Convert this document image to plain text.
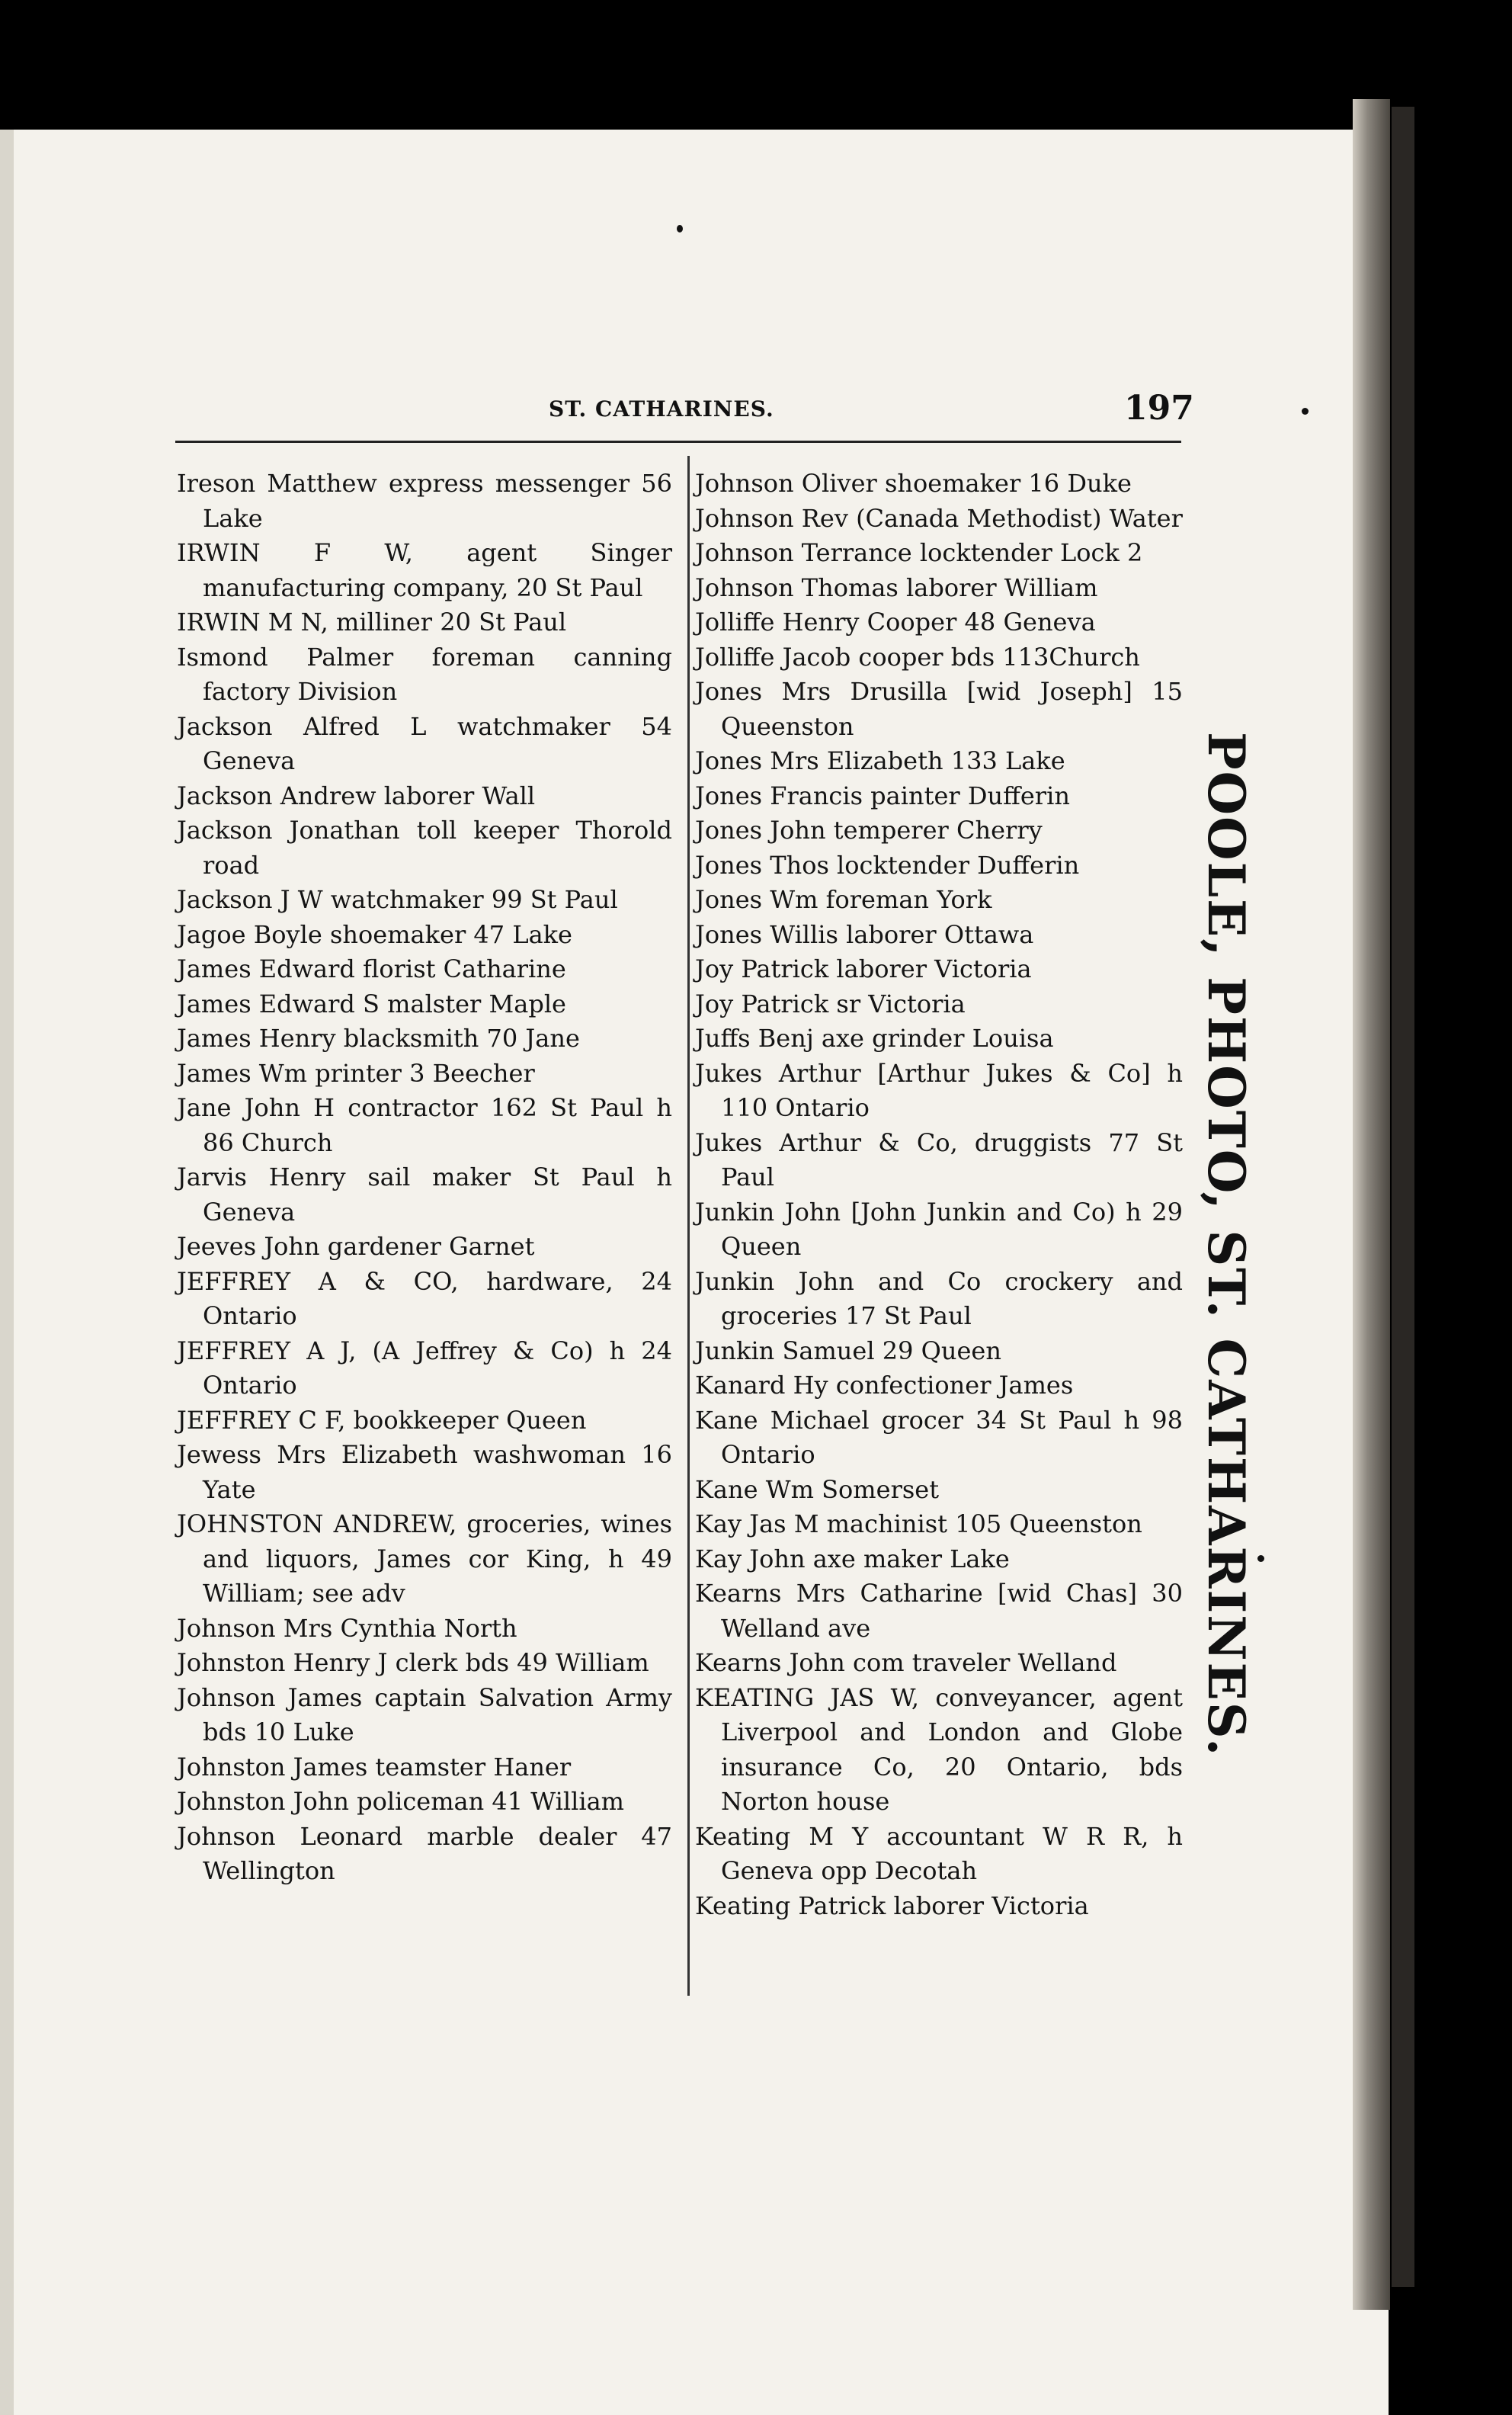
ST. CATHARINES.	197
Ireson Matthew express messenger 56 Lake
IRWIN F W, agent Singer manufacturing company, 20 St Paul
IRWIN M N, milliner 20 St Paul
Ismond Palmer foreman canning factory Division
Jackson Alfred L watchmaker 54 Geneva
Jackson Andrew laborer Wall
Jackson Jonathan toll keeper Thorold road
Jackson J W watchmaker 99 St Paul
Jagoe Boyle shoemaker 47 Lake
James Edward florist Catharine
James Edward S malster Maple
James Henry blacksmith 70 Jane
James Wm printer 3 Beecher
Jane John H contractor 162 St Paul h 86 Church
Jarvis Henry sail maker St Paul h Geneva
Jeeves John gardener Garnet
JEFFREY A & CO, hardware, 24 Ontario
JEFFREY A J, (A Jeffrey & Co) h 24 Ontario
JEFFREY C F, bookkeeper Queen
Jewess Mrs Elizabeth washwoman 16 Yate
JOHNSTON ANDREW, groceries, wines and liquors, James cor King, h 49 William; see adv
Johnson Mrs Cynthia North
Johnston Henry J clerk bds 49 William
Johnson James captain Salvation Army bds 10 Luke
Johnston James teamster Haner
Johnston John policeman 41 William
Johnson Leonard marble dealer 47 Wellington
Johnson Oliver shoemaker 16 Duke
Johnson Rev (Canada Methodist) Water
Johnson Terrance locktender Lock 2
Johnson Thomas laborer William
Jolliffe Henry Cooper 48 Geneva
Jolliffe Jacob cooper bds 113Church
Jones Mrs Drusilla [wid Joseph] 15 Queenston
Jones Mrs Elizabeth 133 Lake
Jones Francis painter Dufferin
Jones John temperer Cherry
Jones Thos locktender Dufferin
Jones Wm foreman York
Jones Willis laborer Ottawa
Joy Patrick laborer Victoria
Joy Patrick sr Victoria
Juffs Benj axe grinder Louisa
Jukes Arthur [Arthur Jukes & Co] h 110 Ontario
Jukes Arthur & Co, druggists 77 St Paul
Junkin John [John Junkin and Co) h 29 Queen
Junkin John and Co crockery and groceries 17 St Paul
Junkin Samuel 29 Queen
Kanard Hy confectioner James
Kane Michael grocer 34 St Paul h 98 Ontario
Kane Wm Somerset
Kay Jas M machinist 105 Queenston
Kay John axe maker Lake
Kearns Mrs Catharine [wid Chas] 30 Welland ave
Kearns John com traveler Welland
KEATING JAS W, conveyancer, agent Liverpool and London and Globe insurance Co, 20 Ontario, bds Norton house
Keating M Y accountant W R R, h Geneva opp Decotah
Keating Patrick laborer Victoria
POOLE, PHOTO, ST. CATHARINES.
